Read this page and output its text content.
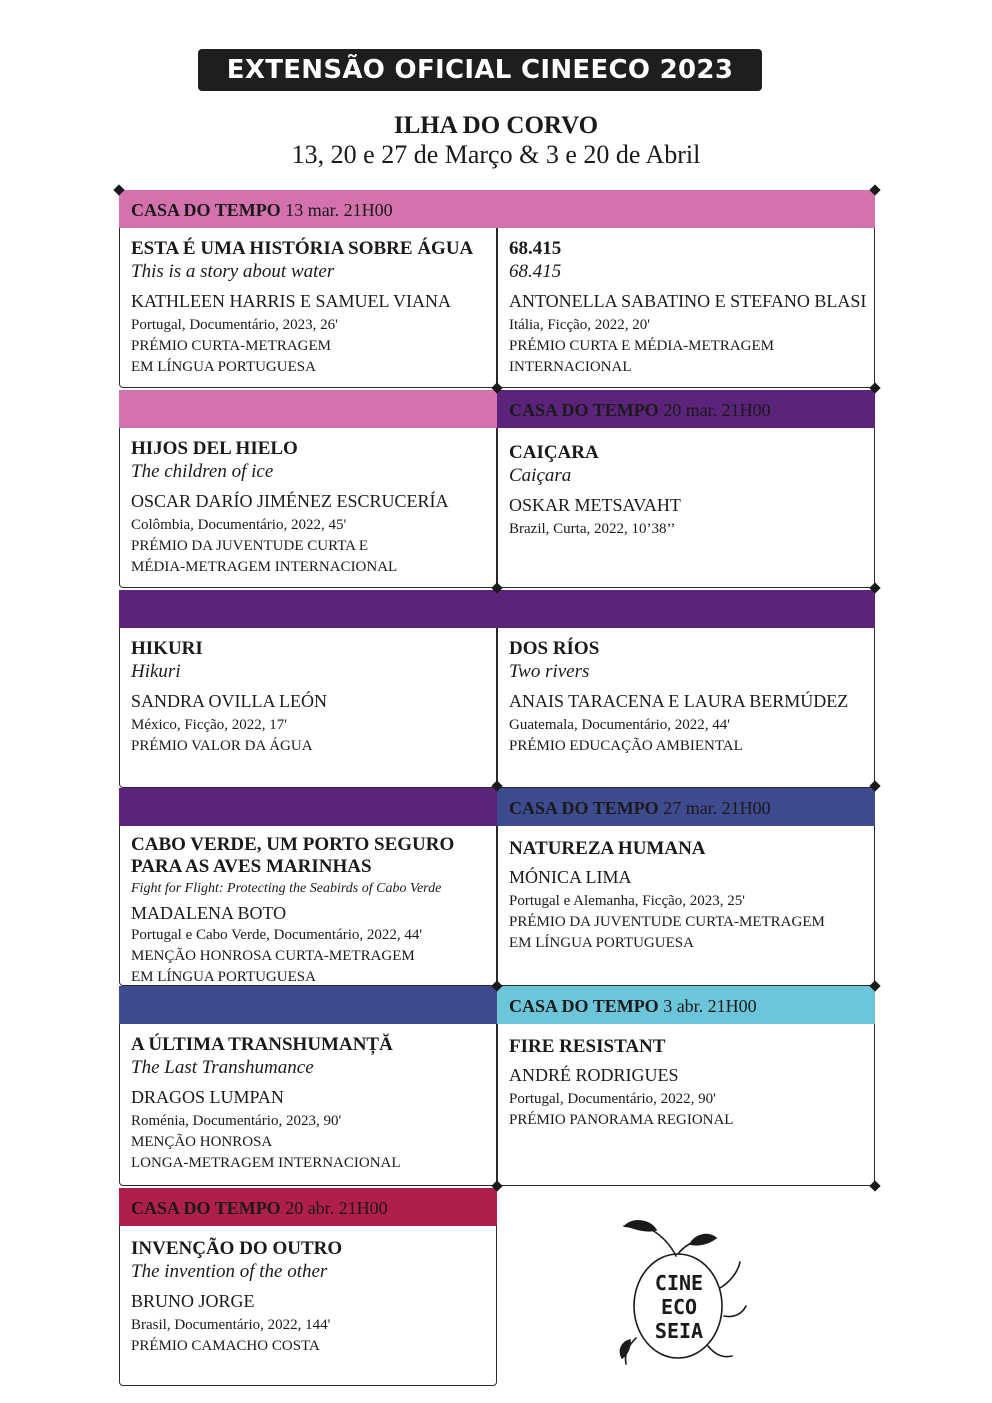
EXTENSÃO OFICIAL CINEECO 2023
ILHA DO CORVO
13, 20 e 27 de Março & 3 e 20 de Abril
CASA DO TEMPO 13 mar. 21H00
ESTA É UMA HISTÓRIA SOBRE ÁGUA
This is a story about water
KATHLEEN HARRIS E SAMUEL VIANA
Portugal, Documentário, 2023, 26'
PRÉMIO CURTA-METRAGEM
EM LÍNGUA PORTUGUESA
68.415
68.415
ANTONELLA SABATINO E STEFANO BLASI
Itália, Ficção, 2022, 20'
PRÉMIO CURTA E MÉDIA-METRAGEM
INTERNACIONAL
CASA DO TEMPO 20 mar. 21H00
HIJOS DEL HIELO
The children of ice
OSCAR DARÍO JIMÉNEZ ESCRUCERÍA
Colômbia, Documentário, 2022, 45'
PRÉMIO DA JUVENTUDE CURTA E
MÉDIA-METRAGEM INTERNACIONAL
CAIÇARA
Caiçara
OSKAR METSAVAHT
Brazil, Curta, 2022, 10’38’’
HIKURI
Hikuri
SANDRA OVILLA LEÓN
México, Ficção, 2022, 17'
PRÉMIO VALOR DA ÁGUA
DOS RÍOS
Two rivers
ANAIS TARACENA E LAURA BERMÚDEZ
Guatemala, Documentário, 2022, 44'
PRÉMIO EDUCAÇÃO AMBIENTAL
CASA DO TEMPO 27 mar. 21H00
CABO VERDE, UM PORTO SEGURO
PARA AS AVES MARINHAS
Fight for Flight: Protecting the Seabirds of Cabo Verde
MADALENA BOTO
Portugal e Cabo Verde, Documentário, 2022, 44'
MENÇÃO HONROSA CURTA-METRAGEM
EM LÍNGUA PORTUGUESA
NATUREZA HUMANA
MÓNICA LIMA
Portugal e Alemanha, Ficção, 2023, 25'
PRÉMIO DA JUVENTUDE CURTA-METRAGEM
EM LÍNGUA PORTUGUESA
CASA DO TEMPO 3 abr. 21H00
A ÚLTIMA TRANSHUMANȚĂ
The Last Transhumance
DRAGOS LUMPAN
Roménia, Documentário, 2023, 90'
MENÇÃO HONROSA
LONGA-METRAGEM INTERNACIONAL
FIRE RESISTANT
ANDRÉ RODRIGUES
Portugal, Documentário, 2022, 90'
PRÉMIO PANORAMA REGIONAL
CASA DO TEMPO 20 abr. 21H00
INVENÇÃO DO OUTRO
The invention of the other
BRUNO JORGE
Brasil, Documentário, 2022, 144'
PRÉMIO CAMACHO COSTA
CINE
ECO
SEIA
